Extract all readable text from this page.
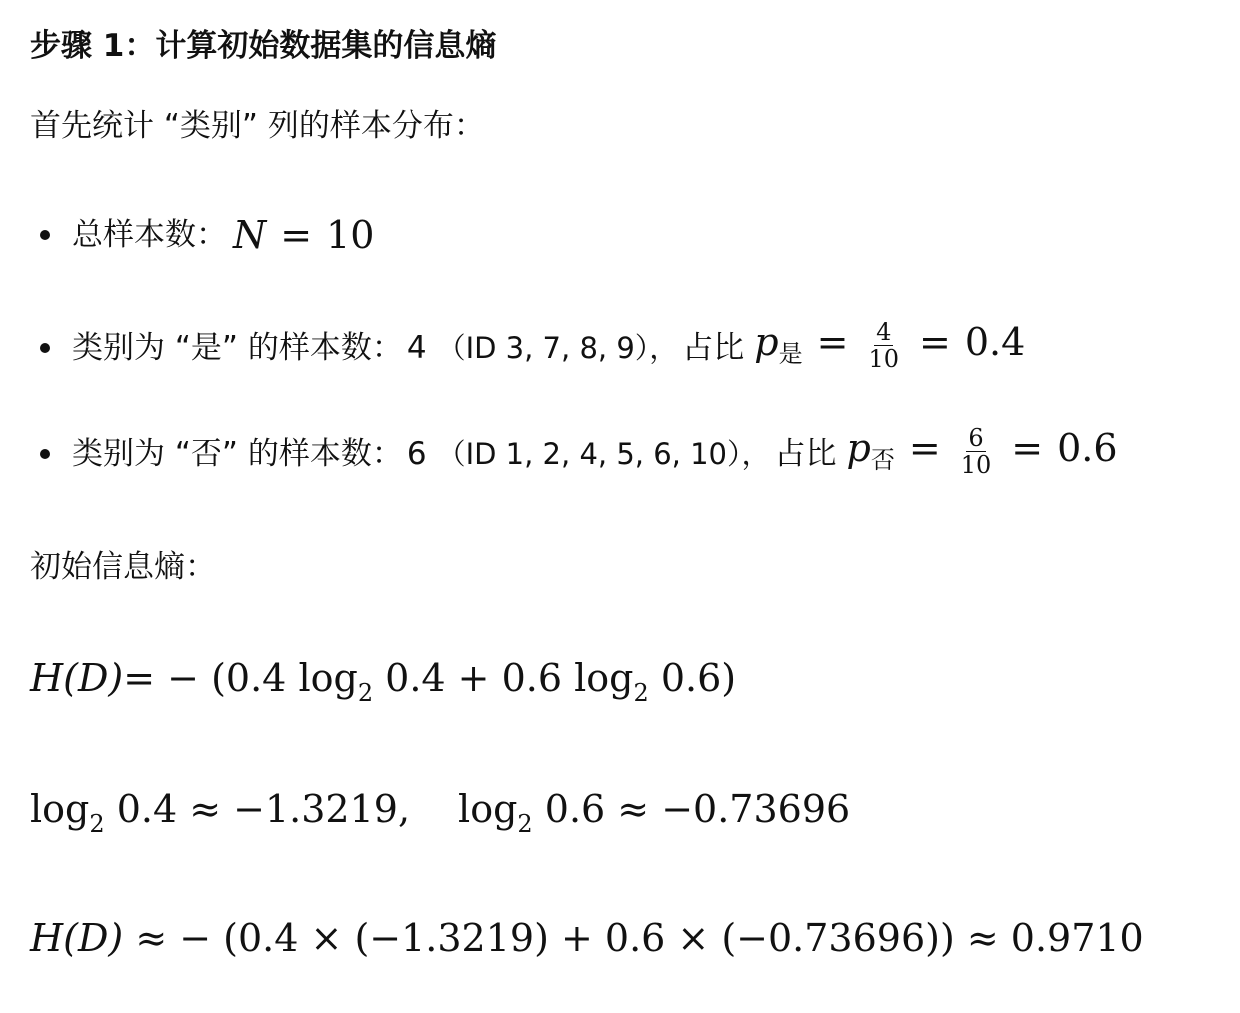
步骤 1：计算初始数据集的信息熵
首先统计 “类别” 列的样本分布：
总样本数： N = 10
类别为 “是” 的样本数： 4 （ID 3, 7, 8, 9）， 占比 $p_是 = \frac{4}{10} = 0.4$
类别为 “否” 的样本数： 6 （ID 1, 2, 4, 5, 6, 10）， 占比 $p_否 = \frac{6}{10} = 0.6$
初始信息熵：
H(D)= − (0.4 $\log_2 0.4 + 0.6$ $\log_2 0.6$)
$\log_2 0.4 \approx -1.3219$, $\log_2 0.6 \approx -0.73696$
H(D) ≈ − (0.4 × (−1.3219) + 0.6 × (−0.73696)) ≈ 0.9710
